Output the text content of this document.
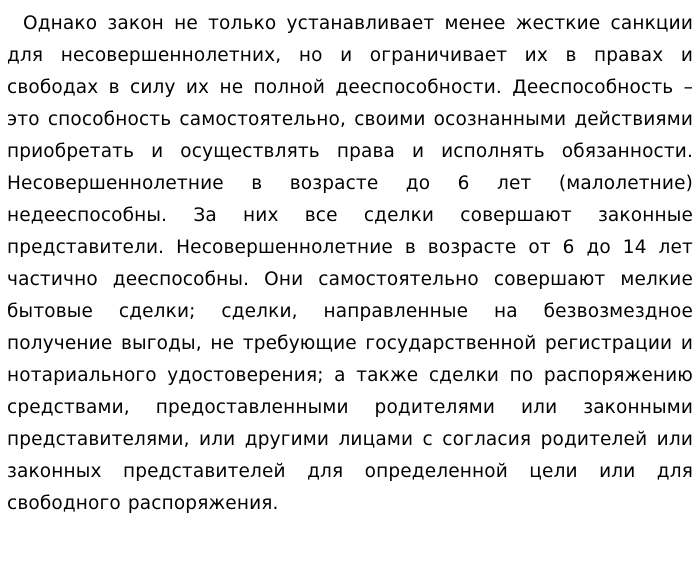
Однако закон не только устанавливает менее жесткие санкции для несовершеннолетних, но и ограничивает их в правах и свободах в силу их не полной дееспособности. Дееспособность – это способность самостоятельно, своими осознанными действиями приобретать и осуществлять права и исполнять обязанности. Несовершеннолетние в возрасте до 6 лет (малолетние) недееспособны. За них все сделки совершают законные представители. Несовершеннолетние в возрасте от 6 до 14 лет частично дееспособны. Они самостоятельно совершают мелкие бытовые сделки; сделки, направленные на безвозмездное получение выгоды, не требующие государственной регистрации и нотариального удостоверения; а также сделки по распоряжению средствами, предоставленными родителями или законными представителями, или другими лицами с согласия родителей или законных представителей для определенной цели или для свободного распоряжения.
